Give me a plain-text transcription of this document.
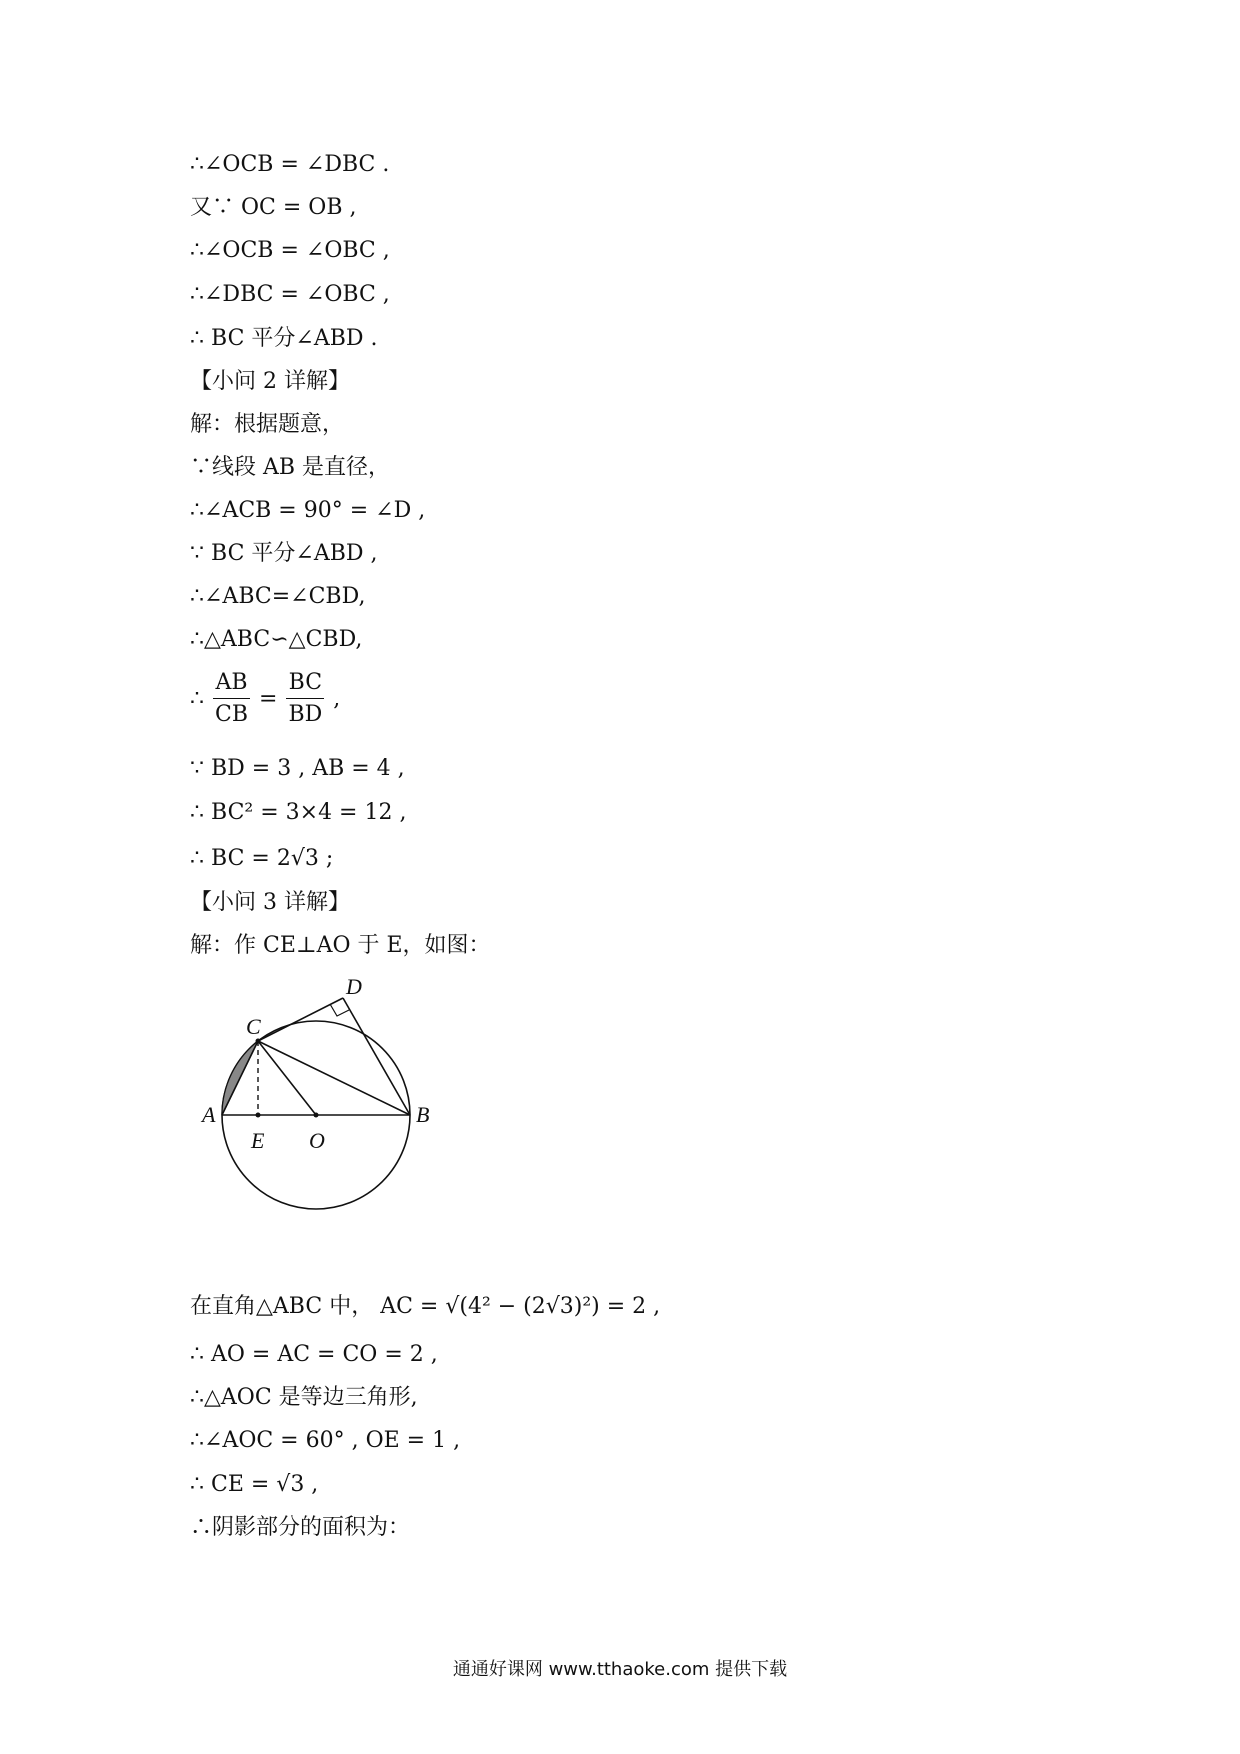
∴∠OCB = ∠DBC .
又∵ OC = OB ,
∴∠OCB = ∠OBC ,
∴∠DBC = ∠OBC ,
∴ BC 平分∠ABD .
【小问 2 详解】
解：根据题意，
∵线段 AB 是直径，
∴∠ACB = 90° = ∠D ,
∵ BC 平分∠ABD ,
∴∠ABC=∠CBD,
∴△ABC∽△CBD,
∴ $\frac{AB}{CB} = \frac{BC}{BD}$ ,
∵ BD = 3 , AB = 4 ,
∴ BC² = 3×4 = 12 ,
∴ BC = 2√3 ;
【小问 3 详解】
解：作 CE⊥AO 于 E，如图：
A	B
C
D
E O
在直角△ABC 中， AC = √(4² − (2√3)²) = 2 ,
∴ AO = AC = CO = 2 ,
∴△AOC 是等边三角形,
∴∠AOC = 60° , OE = 1 ,
∴ CE = √3 ,
∴阴影部分的面积为：
通通好课网 www.tthaoke.com 提供下载
